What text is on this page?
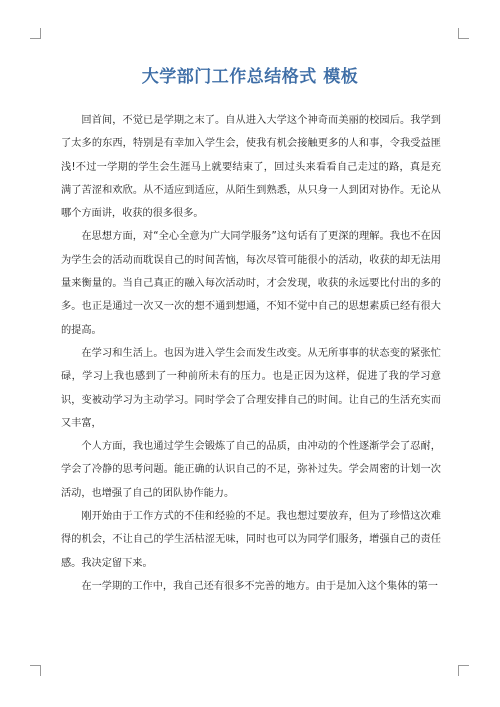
大学部门工作总结格式 模板

回首间，不觉已是学期之末了。自从进入大学这个神奇而美丽的校园后。我学到了太多的东西，特别是有幸加入学生会，使我有机会接触更多的人和事，令我受益匪浅!不过一学期的学生会生涯马上就要结束了，回过头来看看自己走过的路，真是充满了苦涩和欢欣。从不适应到适应，从陌生到熟悉，从只身一人到团对协作。无论从哪个方面讲，收获的很多很多。

在思想方面，对“全心全意为广大同学服务”这句话有了更深的理解。我也不在因为学生会的活动而耽误自己的时间苦恼，每次尽管可能很小的活动，收获的却无法用量来衡量的。当自己真正的融入每次活动时，才会发现，收获的永远要比付出的多的多。也正是通过一次又一次的想不通到想通，不知不觉中自己的思想素质已经有很大的提高。

在学习和生活上。也因为进入学生会而发生改变。从无所事事的状态变的紧张忙碌，学习上我也感到了一种前所未有的压力。也是正因为这样，促进了我的学习意识，变被动学习为主动学习。同时学会了合理安排自己的时间。让自己的生活充实而又丰富，

个人方面，我也通过学生会锻炼了自己的品质，由冲动的个性逐渐学会了忍耐，学会了冷静的思考问题。能正确的认识自己的不足，弥补过失。学会周密的计划一次活动，也增强了自己的团队协作能力。

刚开始由于工作方式的不佳和经验的不足。我也想过要放弃，但为了珍惜这次难得的机会，不让自己的学生活枯涩无味，同时也可以为同学们服务，增强自己的责任感。我决定留下来。

在一学期的工作中，我自己还有很多不完善的地方。由于是加入这个集体的第一
